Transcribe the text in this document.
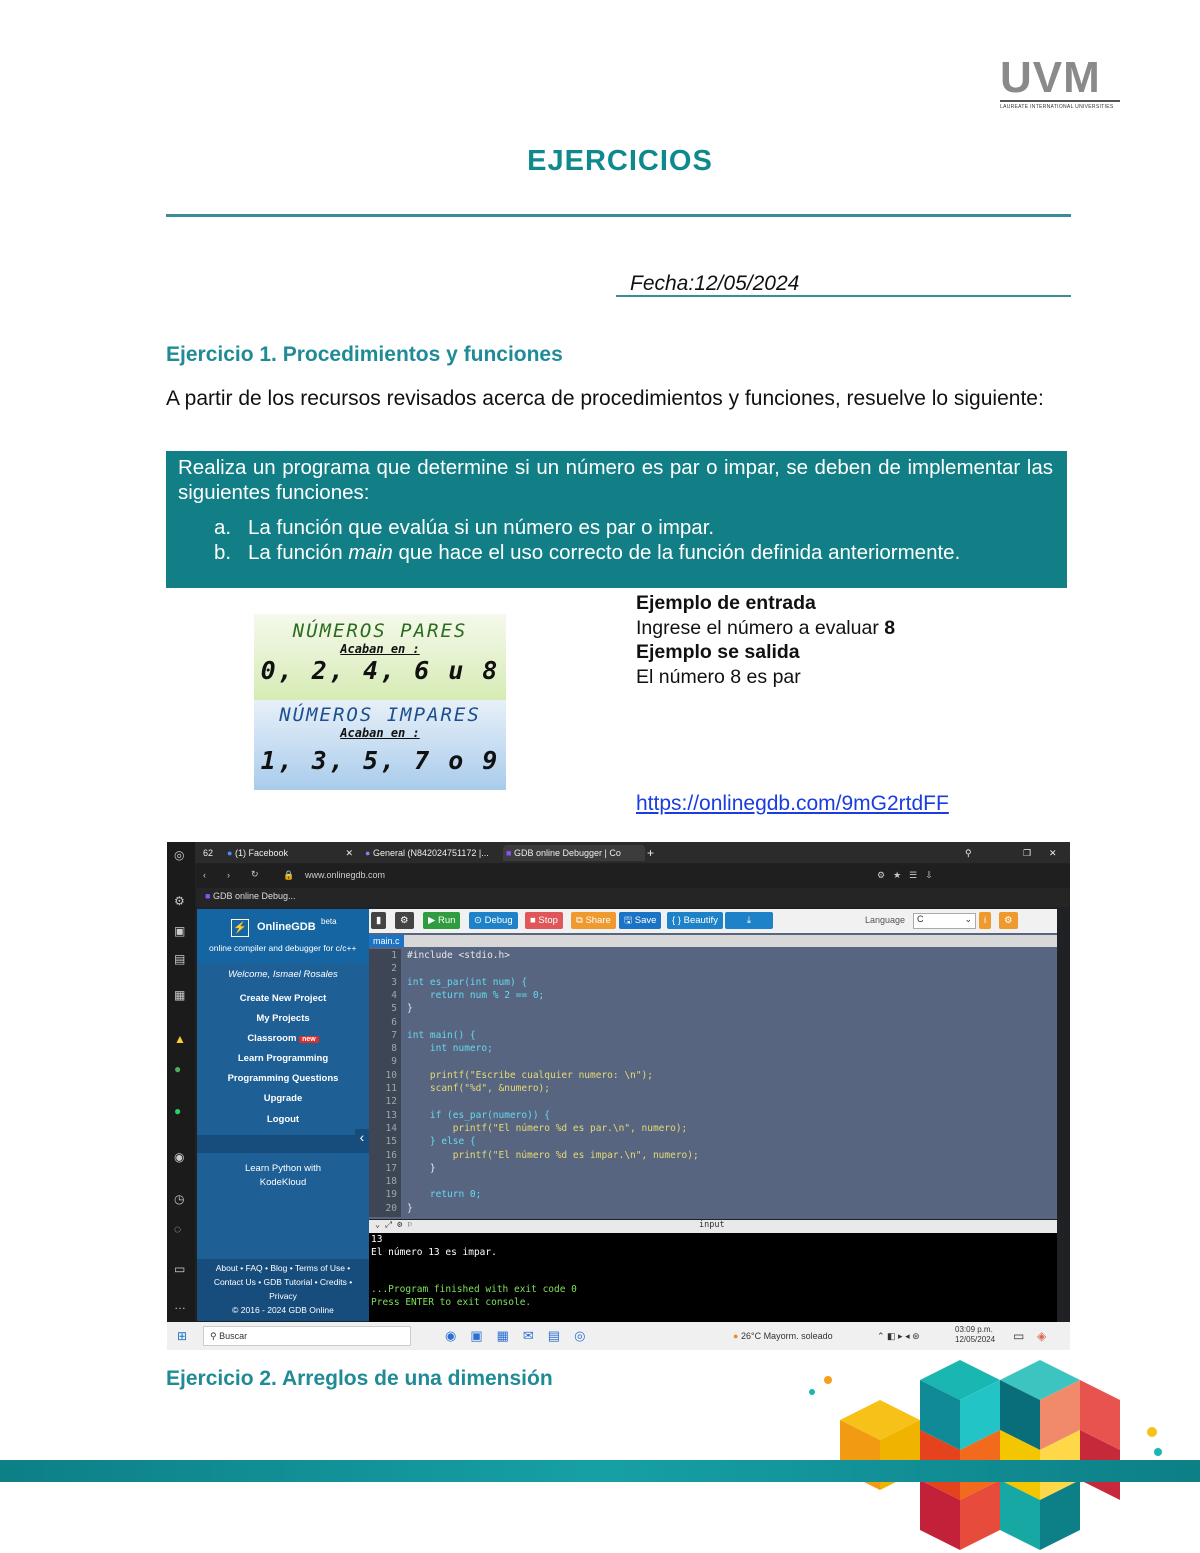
UVM
LAUREATE INTERNATIONAL UNIVERSITIES
EJERCICIOS
Fecha:12/05/2024
Ejercicio 1. Procedimientos y funciones
A partir de los recursos revisados acerca de procedimientos y funciones, resuelve lo siguiente:

Realiza un programa que determine si un número es par o impar, se deben de implementar las siguientes funciones:

a. La función que evalúa si un número es par o impar.
b. La función main que hace el uso correcto de la función definida anteriormente.
NÚMEROS PARES
Acaban en :
0, 2, 4, 6 u 8
NÚMEROS IMPARES
Acaban en :
1, 3, 5, 7 o 9
Ejemplo de entrada
Ingrese el número a evaluar 8
Ejemplo se salida
El número 8 es par
https://onlinegdb.com/9mG2rtdFF
62 ● (1) Facebook	✕ ● General (N842024751172 |...	■ GDB online Debugger | Co	+	⚲	❐ ✕
◎
⚙
▣
▤
▦
▲
●
●
◉
◷
◌
▭
…
‹ › ↻	🔒 www.onlinegdb.com	⚙★☰⇩
■ GDB online Debug...
⚡ OnlineGDB beta
online compiler and debugger for c/c++
Welcome, Ismael Rosales
Create New Project
My Projects
Classroom new
Learn Programming
Programming Questions
Upgrade
Logout
‹
Learn Python with
KodeKloud
About • FAQ • Blog • Terms of Use •
Contact Us • GDB Tutorial • Credits •
Privacy
© 2016 - 2024 GDB Online
▮	⚙	▶ Run	⊙ Debug	■ Stop	⧉ Share	🖫 Save	{ } Beautify	⤓	Language	C	⌄	i	⚙
main.c
1 #include <stdio.h>
2
3 int es_par(int num) {
4 return num % 2 == 0;
5 }
6
7 int main() {
8 int numero;
9
10 printf("Escribe cualquier numero: \n");
11 scanf("%d", &numero);
12
13 if (es_par(numero)) {
14 printf("El número %d es par.\n", numero);
15 } else {
16 printf("El número %d es impar.\n", numero);
17 }
18
19 return 0;
20 }
⌄ ⤢ ⚙ ⚐	input
13
El número 13 es impar.
...Program finished with exit code 0
Press ENTER to exit console.
⊞	⚲ Buscar	◉▣▦✉▤◎	● 26°C Mayorm. soleado	⌃ ◧ ▸ ◂ ⊛
03:09 p.m.
12/05/2024 ▭ ◈
Ejercicio 2. Arreglos de una dimensión
